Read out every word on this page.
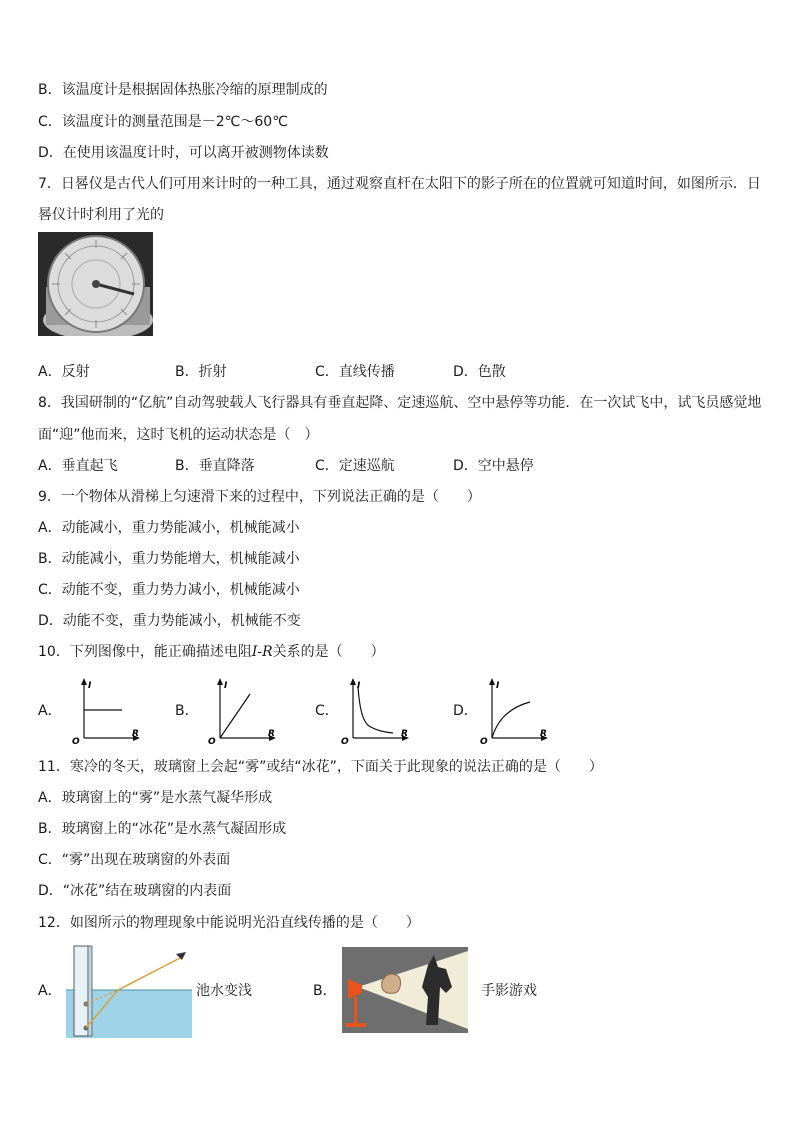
B．该温度计是根据固体热胀冷缩的原理制成的
C．该温度计的测量范围是－2℃～60℃
D．在使用该温度计时，可以离开被测物体读数
7．日晷仪是古代人们可用来计时的一种工具，通过观察直杆在太阳下的影子所在的位置就可知道时间，如图所示．日
晷仪计时利用了光的
A．反射	B．折射	C．直线传播	D．色散
8．我国研制的“亿航”自动驾驶载人飞行器具有垂直起降、定速巡航、空中悬停等功能．在一次试飞中，试飞员感觉地
面“迎”他而来，这时飞机的运动状态是（　）
A．垂直起飞	B．垂直降落	C．定速巡航	D．空中悬停
9．一个物体从滑梯上匀速滑下来的过程中，下列说法正确的是（　　）
A．动能减小，重力势能减小，机械能减小
B．动能减小，重力势能增大，机械能减小
C．动能不变，重力势力减小，机械能减小
D．动能不变，重力势能减小，机械能不变
10．下列图像中，能正确描述电阻I-R关系的是（　　）
A．	B．	C．	D．
I
O
R
I
O
R
I
O
R
I
O
R
11．寒冷的冬天，玻璃窗上会起“雾”或结“冰花”，下面关于此现象的说法正确的是（　　）
A．玻璃窗上的“雾”是水蒸气凝华形成
B．玻璃窗上的“冰花”是水蒸气凝固形成
C．“雾”出现在玻璃窗的外表面
D．“冰花”结在玻璃窗的内表面
12．如图所示的物理现象中能说明光沿直线传播的是（　　）
A．	池水变浅	B．	手影游戏
